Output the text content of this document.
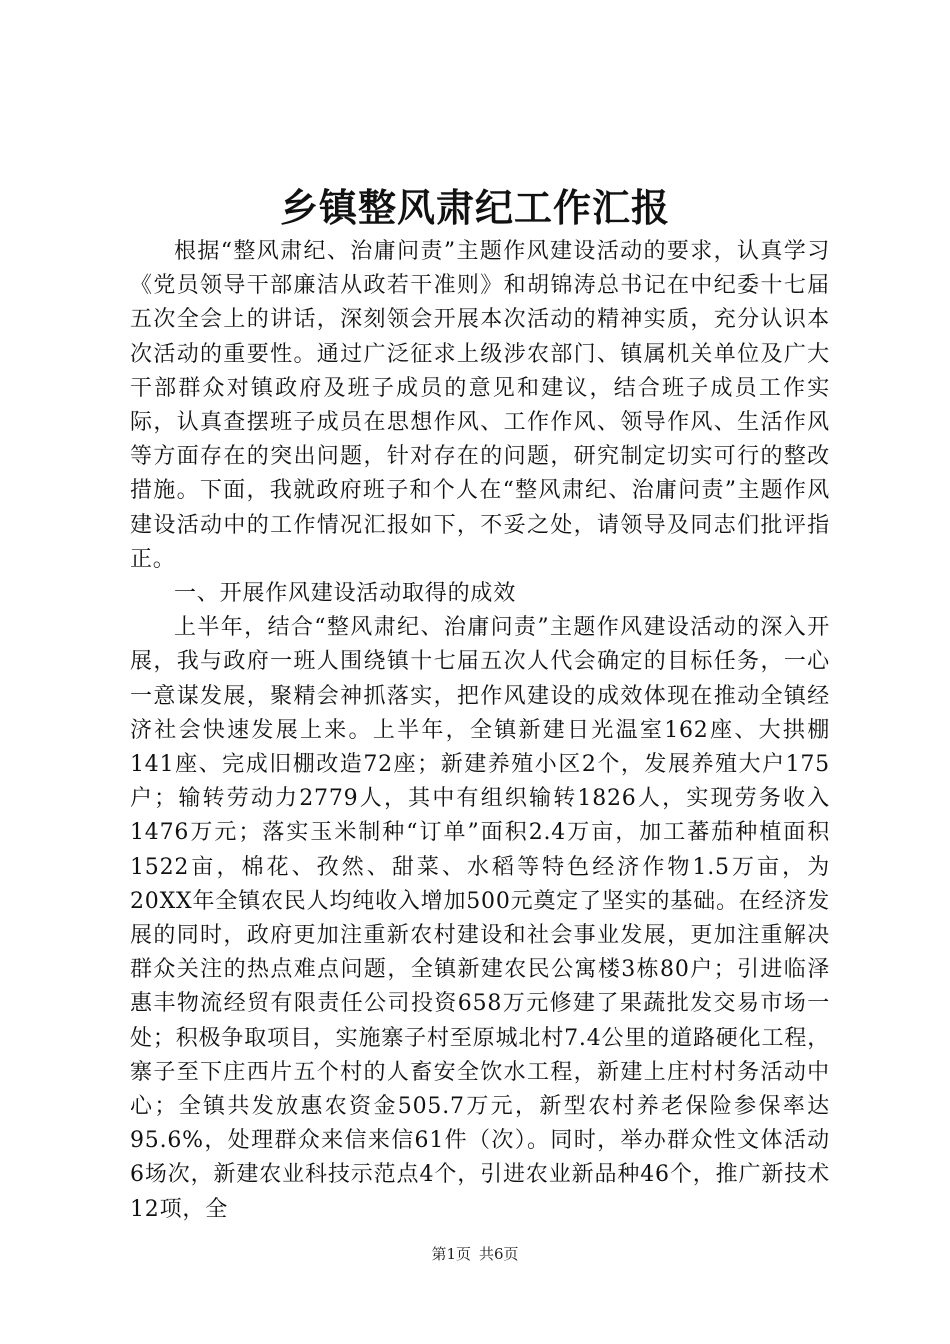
乡镇整风肃纪工作汇报

根据“整风肃纪、治庸问责”主题作风建设活动的要求，认真学习《党员领导干部廉洁从政若干准则》和胡锦涛总书记在中纪委十七届五次全会上的讲话，深刻领会开展本次活动的精神实质，充分认识本次活动的重要性。通过广泛征求上级涉农部门、镇属机关单位及广大干部群众对镇政府及班子成员的意见和建议，结合班子成员工作实际，认真查摆班子成员在思想作风、工作作风、领导作风、生活作风等方面存在的突出问题，针对存在的问题，研究制定切实可行的整改措施。下面，我就政府班子和个人在“整风肃纪、治庸问责”主题作风建设活动中的工作情况汇报如下，不妥之处，请领导及同志们批评指正。

一、开展作风建设活动取得的成效

上半年，结合“整风肃纪、治庸问责”主题作风建设活动的深入开展，我与政府一班人围绕镇十七届五次人代会确定的目标任务，一心一意谋发展，聚精会神抓落实，把作风建设的成效体现在推动全镇经济社会快速发展上来。上半年，全镇新建日光温室162座、大拱棚141座、完成旧棚改造72座；新建养殖小区2个，发展养殖大户175户；输转劳动力2779人，其中有组织输转1826人，实现劳务收入1476万元；落实玉米制种“订单”面积2.4万亩，加工蕃茄种植面积1522亩，棉花、孜然、甜菜、水稻等特色经济作物1.5万亩，为20XX年全镇农民人均纯收入增加500元奠定了坚实的基础。在经济发展的同时，政府更加注重新农村建设和社会事业发展，更加注重解决群众关注的热点难点问题，全镇新建农民公寓楼3栋80户；引进临泽惠丰物流经贸有限责任公司投资658万元修建了果蔬批发交易市场一处；积极争取项目，实施寨子村至原城北村7.4公里的道路硬化工程，寨子至下庄西片五个村的人畜安全饮水工程，新建上庄村村务活动中心；全镇共发放惠农资金505.7万元，新型农村养老保险参保率达95.6%，处理群众来信来信61件（次）。同时，举办群众性文体活动6场次，新建农业科技示范点4个，引进农业新品种46个，推广新技术12项，全

第1页 共6页
